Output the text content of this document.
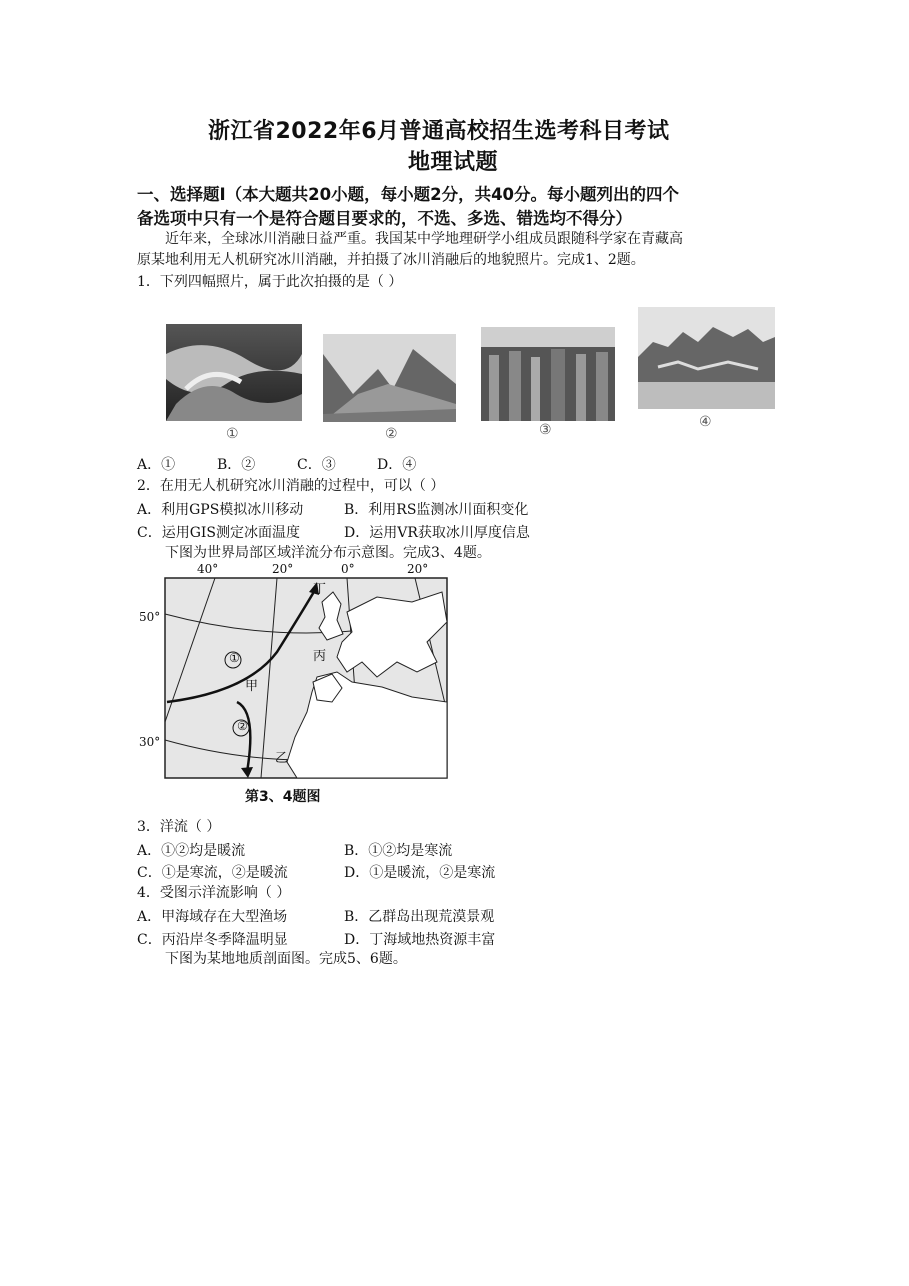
浙江省2022年6月普通高校招生选考科目考试
地理试题
一、选择题Ⅰ（本大题共20小题，每小题2分，共40分。每小题列出的四个
备选项中只有一个是符合题目要求的，不选、多选、错选均不得分）
近年来，全球冰川消融日益严重。我国某中学地理研学小组成员跟随科学家在青藏高
原某地利用无人机研究冰川消融，并拍摄了冰川消融后的地貌照片。完成1、2题。
1．下列四幅照片，属于此次拍摄的是（ ）
①	②	③	④
A．①	B．②	C．③	D．④
2．在用无人机研究冰川消融的过程中，可以（ ）
A．利用GPS模拟冰川移动	B．利用RS监测冰川面积变化
C．运用GIS测定冰面温度	D．运用VR获取冰川厚度信息
下图为世界局部区域洋流分布示意图。完成3、4题。
40°	20°	0°	20°
50°
30°
①
②
丁
丙
甲
乙
第3、4题图
3．洋流（ ）
A．①②均是暖流	B．①②均是寒流
C．①是寒流，②是暖流	D．①是暖流，②是寒流
4．受图示洋流影响（ ）
A．甲海域存在大型渔场	B．乙群岛出现荒漠景观
C．丙沿岸冬季降温明显	D．丁海域地热资源丰富
下图为某地地质剖面图。完成5、6题。
